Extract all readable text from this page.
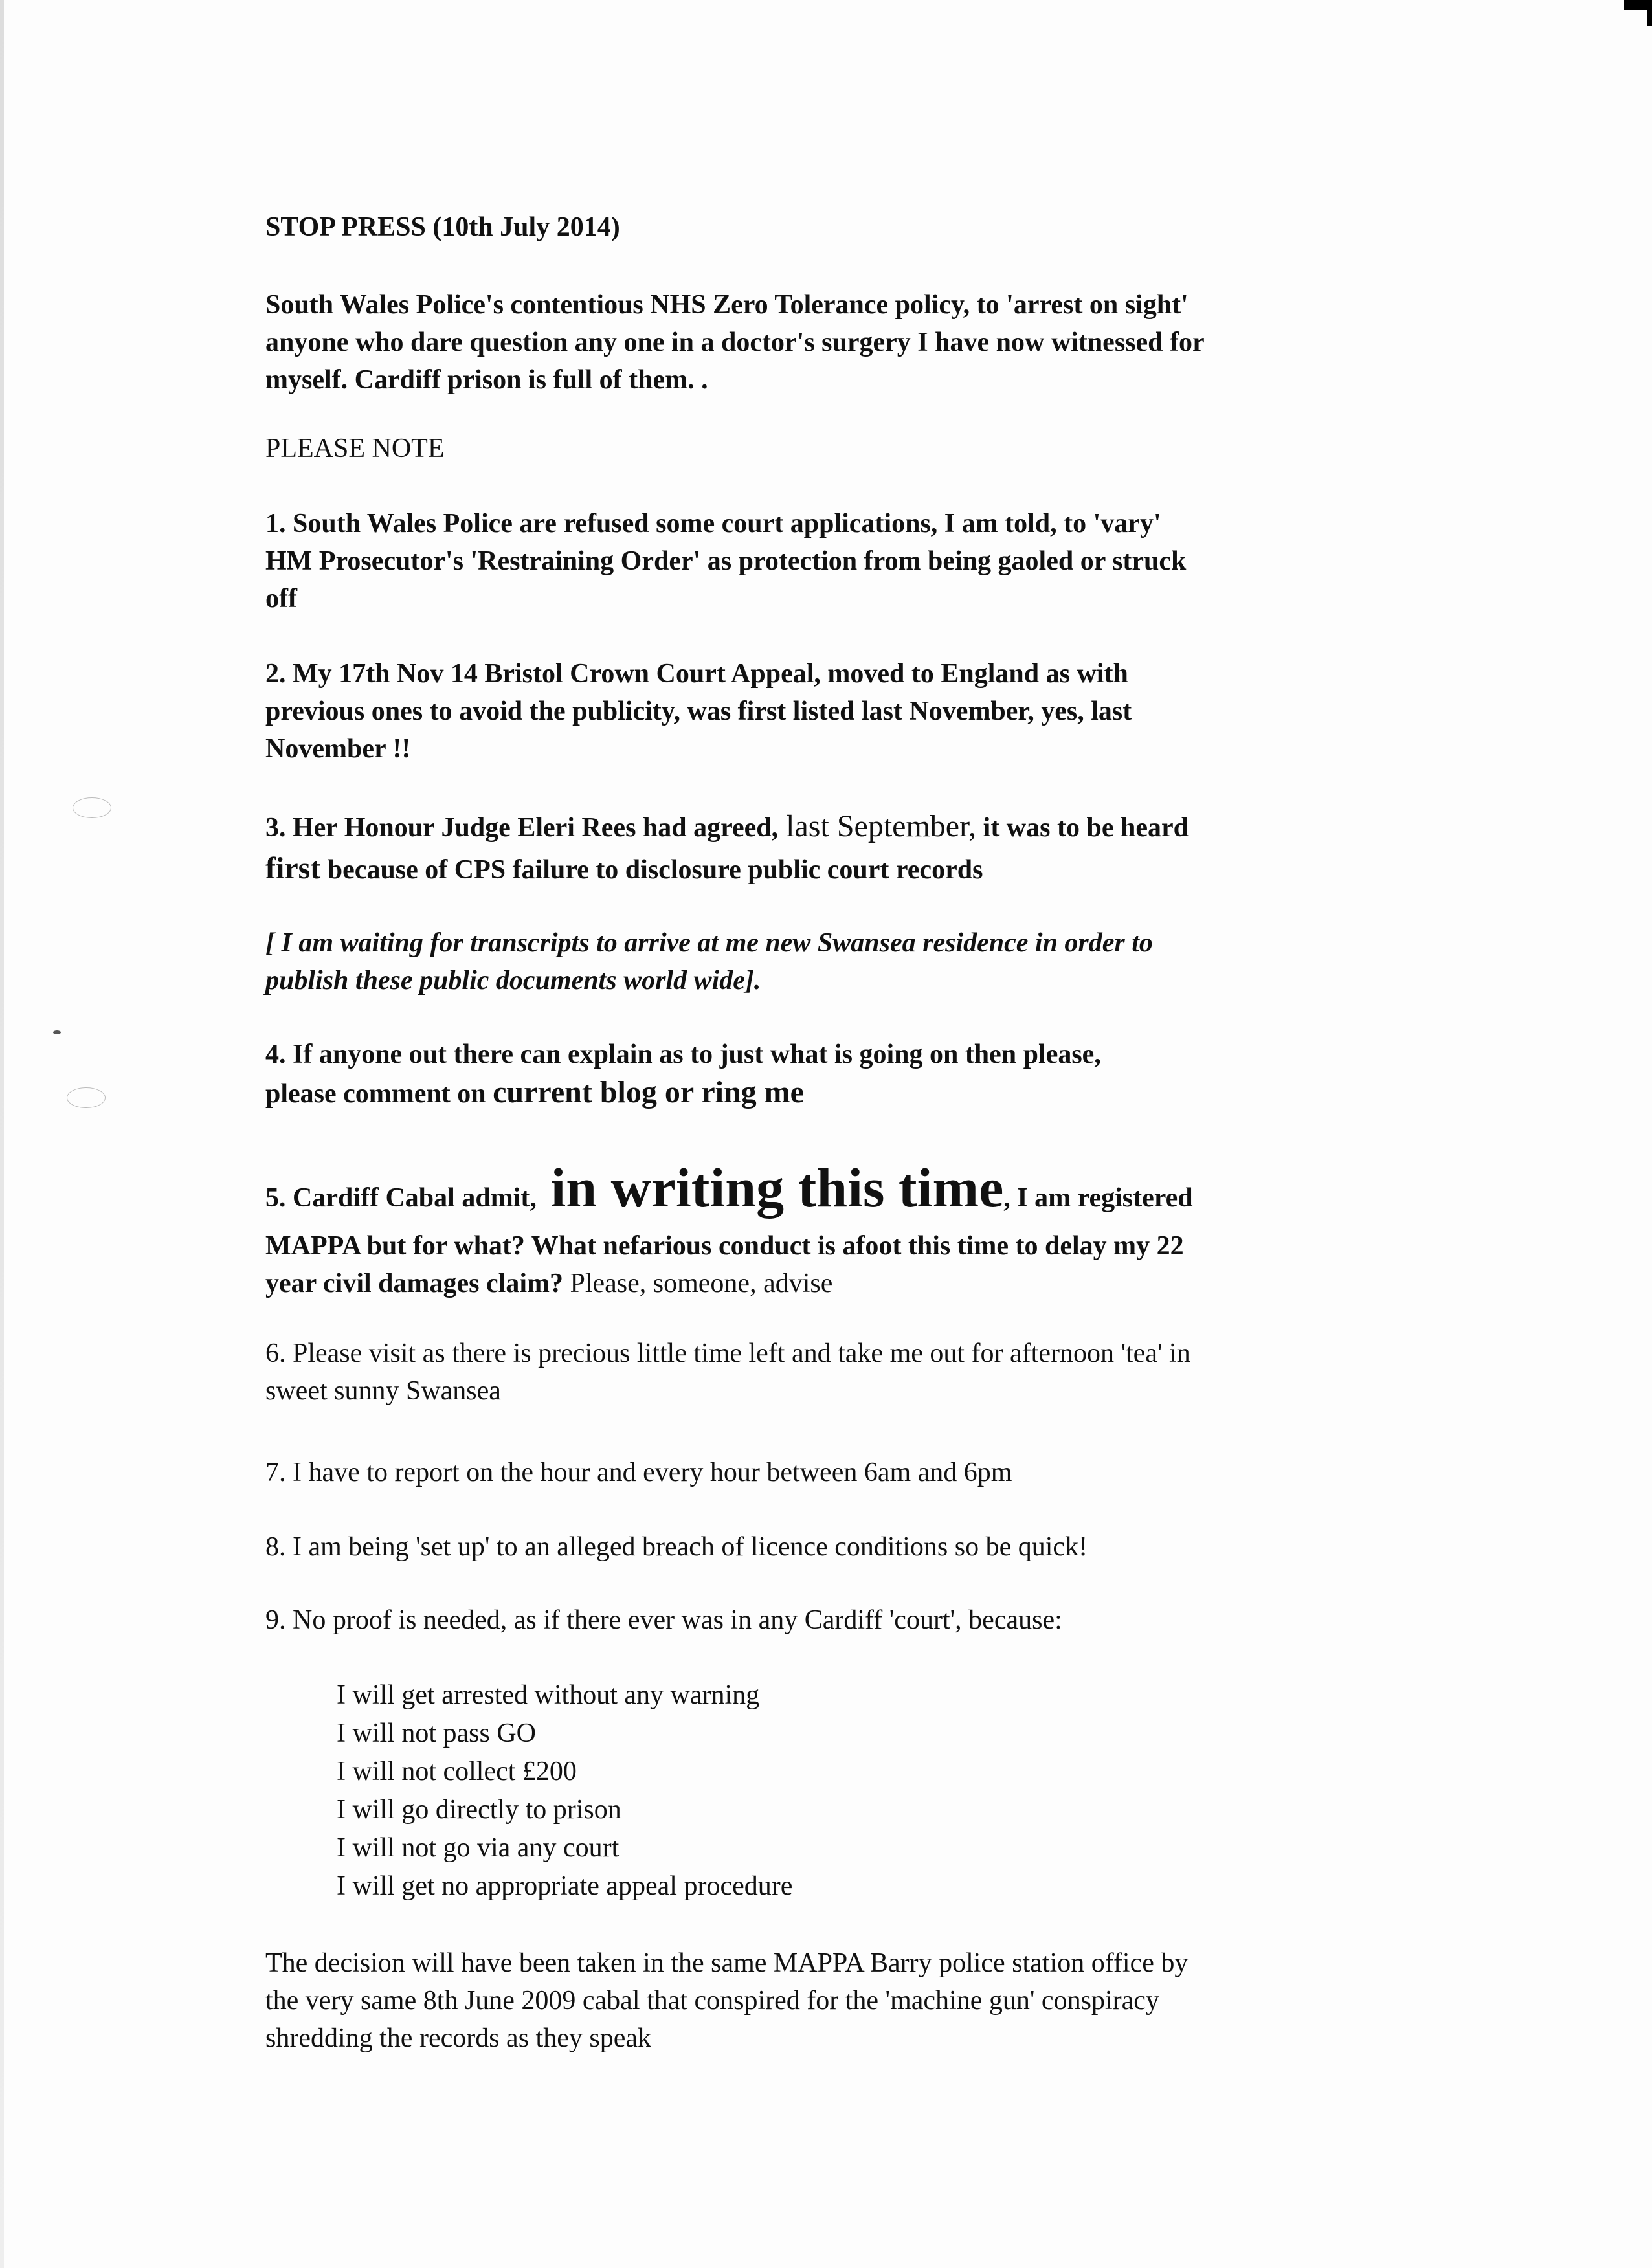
STOP PRESS (10th July 2014)
South Wales Police's contentious NHS Zero Tolerance policy, to 'arrest on sight'
anyone who dare question any one in a doctor's surgery I have now witnessed for
myself. Cardiff prison is full of them. .
PLEASE NOTE
1. South Wales Police are refused some court applications, I am told, to 'vary'
HM Prosecutor's 'Restraining Order' as protection from being gaoled or struck
off
2. My 17th Nov 14 Bristol Crown Court Appeal, moved to England as with
previous ones to avoid the publicity, was first listed last November, yes, last
November !!
3. Her Honour Judge Eleri Rees had agreed, last September, it was to be heard
first because of CPS failure to disclosure public court records
[ I am waiting for transcripts to arrive at me new Swansea residence in order to
publish these public documents world wide].
4. If anyone out there can explain as to just what is going on then please,
please comment on current blog or ring me
5. Cardiff Cabal admit, in writing this time, I am registered
MAPPA but for what? What nefarious conduct is afoot this time to delay my 22
year civil damages claim? Please, someone, advise
6. Please visit as there is precious little time left and take me out for afternoon 'tea' in
sweet sunny Swansea
7. I have to report on the hour and every hour between 6am and 6pm
8. I am being 'set up' to an alleged breach of licence conditions so be quick!
9. No proof is needed, as if there ever was in any Cardiff 'court', because:
I will get arrested without any warning
I will not pass GO
I will not collect £200
I will go directly to prison
I will not go via any court
I will get no appropriate appeal procedure
The decision will have been taken in the same MAPPA Barry police station office by
the very same 8th June 2009 cabal that conspired for the 'machine gun' conspiracy
shredding the records as they speak
